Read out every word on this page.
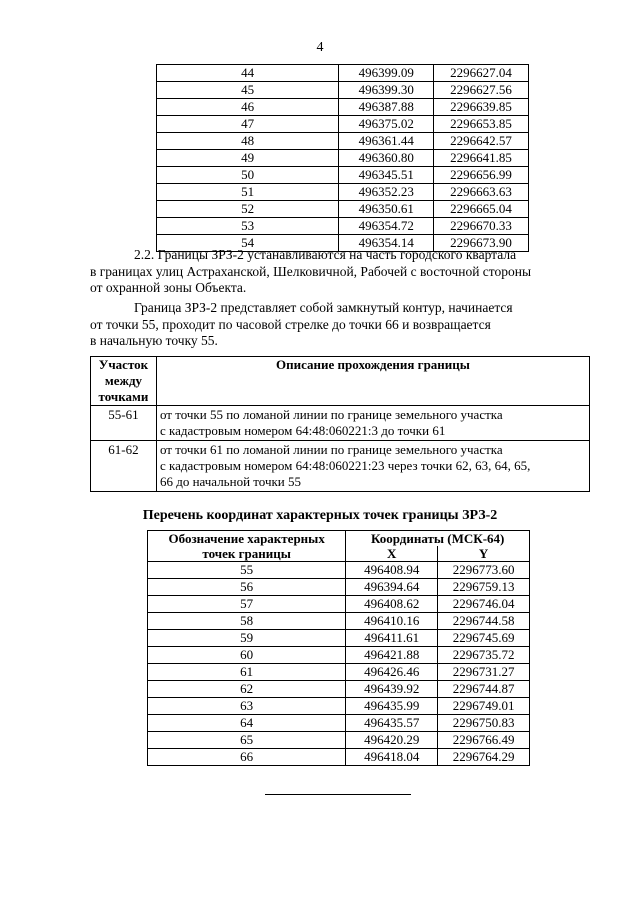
4
44	496399.09	2296627.04
45	496399.30	2296627.56
46	496387.88	2296639.85
47	496375.02	2296653.85
48	496361.44	2296642.57
49	496360.80	2296641.85
50	496345.51	2296656.99
51	496352.23	2296663.63
52	496350.61	2296665.04
53	496354.72	2296670.33
54	496354.14	2296673.90
2.2. Границы ЗРЗ-2 устанавливаются на часть городского квартала
в границах улиц Астраханской, Шелковичной, Рабочей с восточной стороны
от охранной зоны Объекта.
Граница ЗРЗ-2 представляет собой замкнутый контур, начинается
от точки 55, проходит по часовой стрелке до точки 66 и возвращается
в начальную точку 55.
Участок
между
точками	Описание прохождения границы
55-61	от точки 55 по ломаной линии по границе земельного участка
с кадастровым номером 64:48:060221:3 до точки 61

61-62	от точки 61 по ломаной линии по границе земельного участка
с кадастровым номером 64:48:060221:23 через точки 62, 63, 64, 65,
66 до начальной точки 55
Перечень координат характерных точек границы ЗРЗ-2
Обозначение характерных
точек границы	Координаты (МСК-64)	
	X	Y
55	496408.94	2296773.60
56	496394.64	2296759.13
57	496408.62	2296746.04
58	496410.16	2296744.58
59	496411.61	2296745.69
60	496421.88	2296735.72
61	496426.46	2296731.27
62	496439.92	2296744.87
63	496435.99	2296749.01
64	496435.57	2296750.83
65	496420.29	2296766.49
66	496418.04	2296764.29
